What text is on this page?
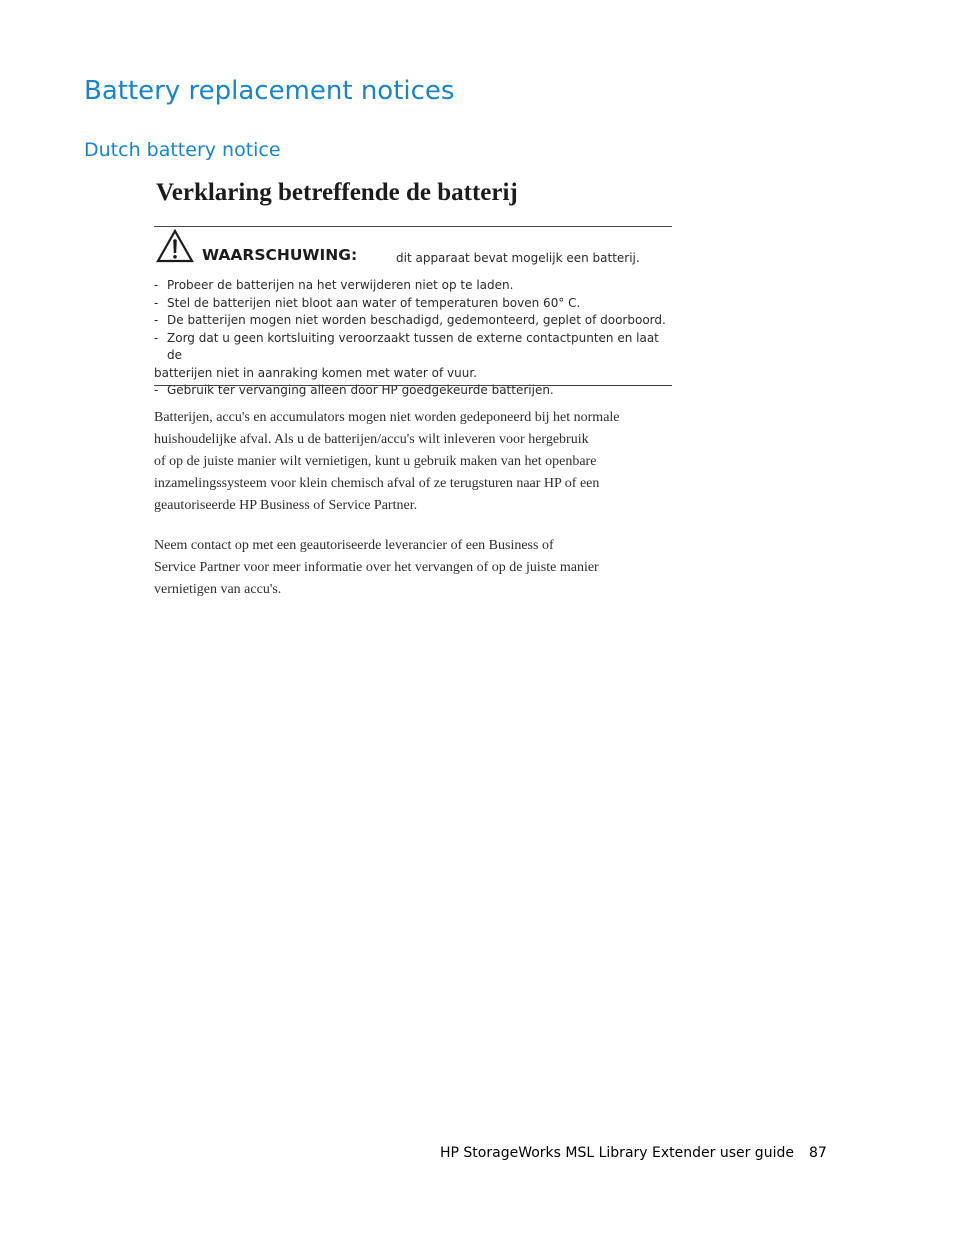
Battery replacement notices
Dutch battery notice
Verklaring betreffende de batterij
WAARSCHUWING:	dit apparaat bevat mogelijk een batterij.
- Probeer de batterijen na het verwijderen niet op te laden.
- Stel de batterijen niet bloot aan water of temperaturen boven 60° C.
- De batterijen mogen niet worden beschadigd, gedemonteerd, geplet of doorboord.
- Zorg dat u geen kortsluiting veroorzaakt tussen de externe contactpunten en laat de
batterijen niet in aanraking komen met water of vuur.
- Gebruik ter vervanging alleen door HP goedgekeurde batterijen.

Batterijen, accu's en accumulators mogen niet worden gedeponeerd bij het normale
huishoudelijke afval. Als u de batterijen/accu's wilt inleveren voor hergebruik
of op de juiste manier wilt vernietigen, kunt u gebruik maken van het openbare
inzamelingssysteem voor klein chemisch afval of ze terugsturen naar HP of een
geautoriseerde HP Business of Service Partner.

Neem contact op met een geautoriseerde leverancier of een Business of
Service Partner voor meer informatie over het vervangen of op de juiste manier
vernietigen van accu's.

HP StorageWorks MSL Library Extender user guide 87
